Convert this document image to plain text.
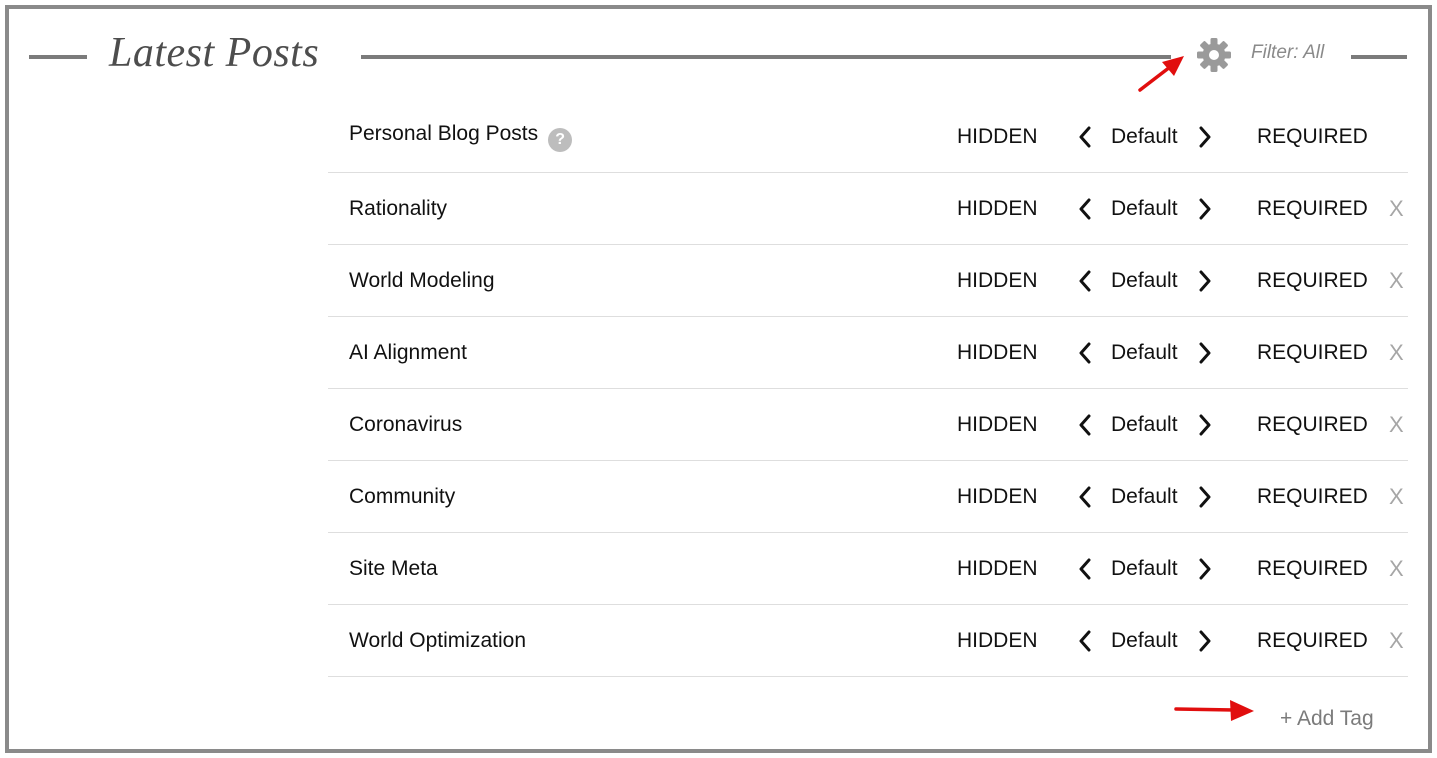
Latest Posts	Filter: All
Personal Blog Posts ?	HIDDEN	Default	REQUIRED
Rationality	HIDDEN	Default	REQUIRED X
World Modeling	HIDDEN	Default	REQUIRED X
AI Alignment	HIDDEN	Default	REQUIRED X
Coronavirus	HIDDEN	Default	REQUIRED X
Community	HIDDEN	Default	REQUIRED X
Site Meta	HIDDEN	Default	REQUIRED X
World Optimization	HIDDEN	Default	REQUIRED X
+ Add Tag
